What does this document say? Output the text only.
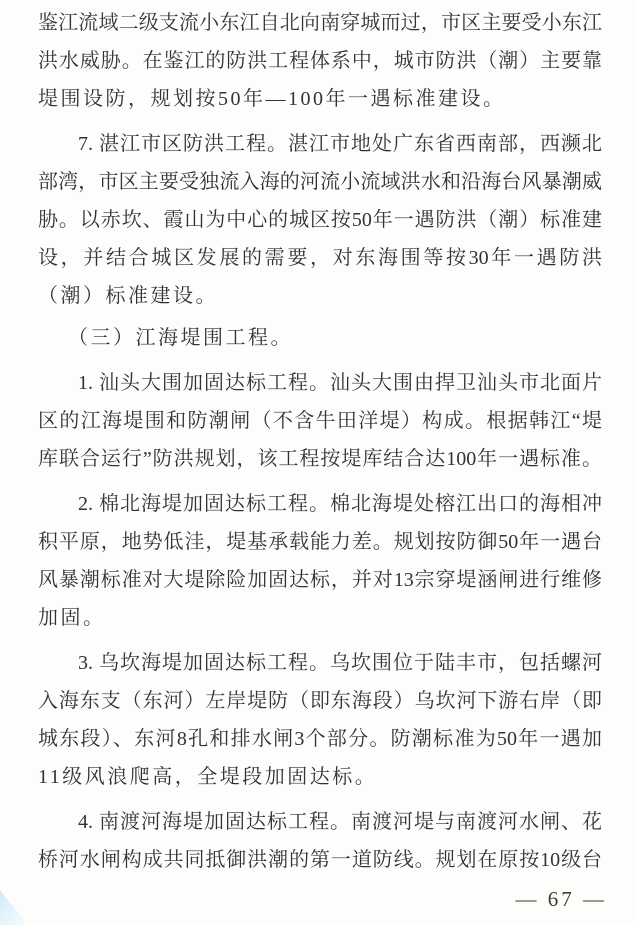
鉴江流域二级支流小东江自北向南穿城而过，市区主要受小东江
洪水威胁。在鉴江的防洪工程体系中，城市防洪（潮）主要靠
堤围设防，规划按50年—100年一遇标准建设。
7. 湛江市区防洪工程。湛江市地处广东省西南部，西濒北
部湾，市区主要受独流入海的河流小流域洪水和沿海台风暴潮威
胁。以赤坎、霞山为中心的城区按50年一遇防洪（潮）标准建
设，并结合城区发展的需要，对东海围等按30年一遇防洪
（潮）标准建设。
（三）江海堤围工程。
1. 汕头大围加固达标工程。汕头大围由捍卫汕头市北面片
区的江海堤围和防潮闸（不含牛田洋堤）构成。根据韩江“堤
库联合运行”防洪规划，该工程按堤库结合达100年一遇标准。
2. 棉北海堤加固达标工程。棉北海堤处榕江出口的海相冲
积平原，地势低洼，堤基承载能力差。规划按防御50年一遇台
风暴潮标准对大堤除险加固达标，并对13宗穿堤涵闸进行维修
加固。
3. 乌坎海堤加固达标工程。乌坎围位于陆丰市，包括螺河
入海东支（东河）左岸堤防（即东海段）乌坎河下游右岸（即
城东段）、东河8孔和排水闸3个部分。防潮标准为50年一遇加
11级风浪爬高，全堤段加固达标。
4. 南渡河海堤加固达标工程。南渡河堤与南渡河水闸、花
桥河水闸构成共同抵御洪潮的第一道防线。规划在原按10级台
— 67 —
